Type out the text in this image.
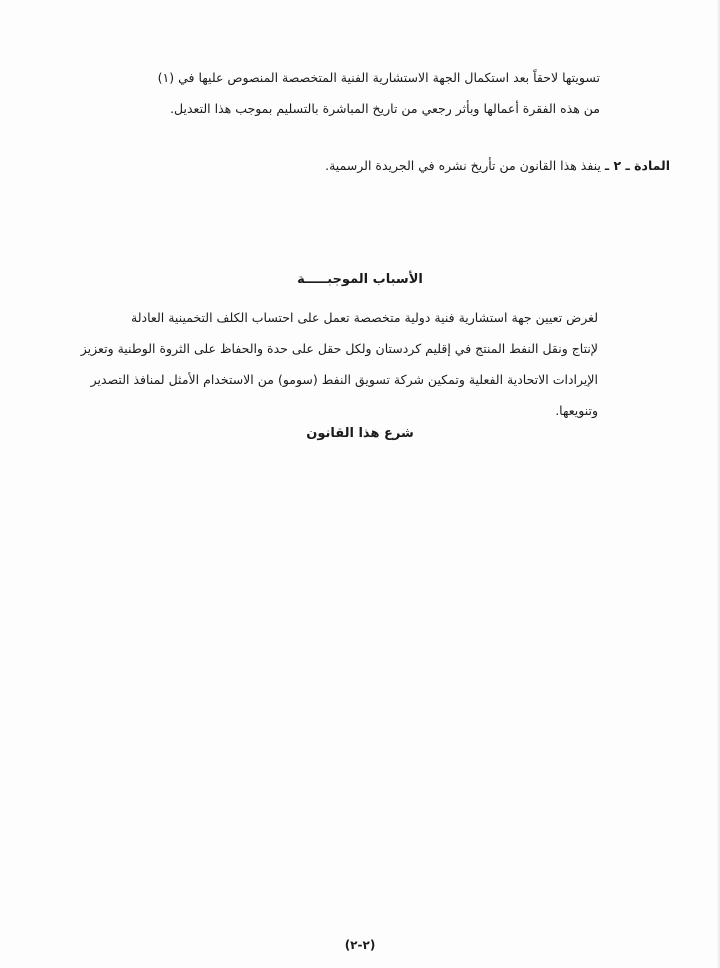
تسويتها لاحقاً بعد استكمال الجهة الاستشارية الفنية المتخصصة المنصوص عليها في (١)
من هذه الفقرة أعمالها وبأثر رجعي من تاريخ المباشرة بالتسليم بموجب هذا التعديل.
المادة ـ ٢ ـ ينفذ هذا القانون من تأريخ نشره في الجريدة الرسمية.
الأسباب الموجبـــــة
لغرض تعيين جهة استشارية فنية دولية متخصصة تعمل على احتساب الكلف التخمينية العادلة
لإنتاج ونقل النفط المنتج في إقليم كردستان ولكل حقل على حدة والحفاظ على الثروة الوطنية وتعزيز
الإيرادات الاتحادية الفعلية وتمكين شركة تسويق النفط (سومو) من الاستخدام الأمثل لمنافذ التصدير
وتنويعها.
شرع هذا القانون
(٢-٢)
